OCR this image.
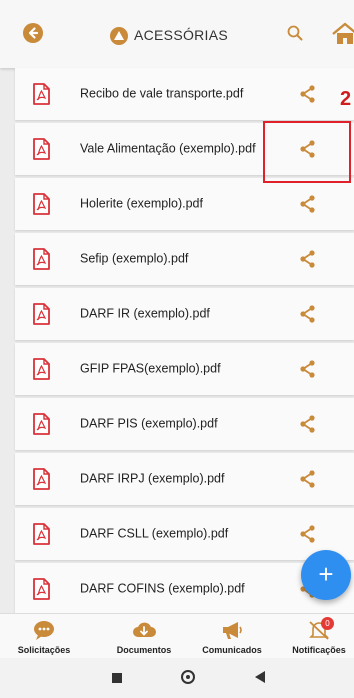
ACESSÓRIAS
Recibo de vale transporte.pdf
Vale Alimentação (exemplo).pdf
Holerite (exemplo).pdf
Sefip (exemplo).pdf
DARF IR (exemplo).pdf
GFIP FPAS(exemplo).pdf
DARF PIS (exemplo).pdf
DARF IRPJ (exemplo).pdf
DARF CSLL (exemplo).pdf
DARF COFINS (exemplo).pdf
2
+
Solicitações	Documentos	Comunicados
0
Notificações
